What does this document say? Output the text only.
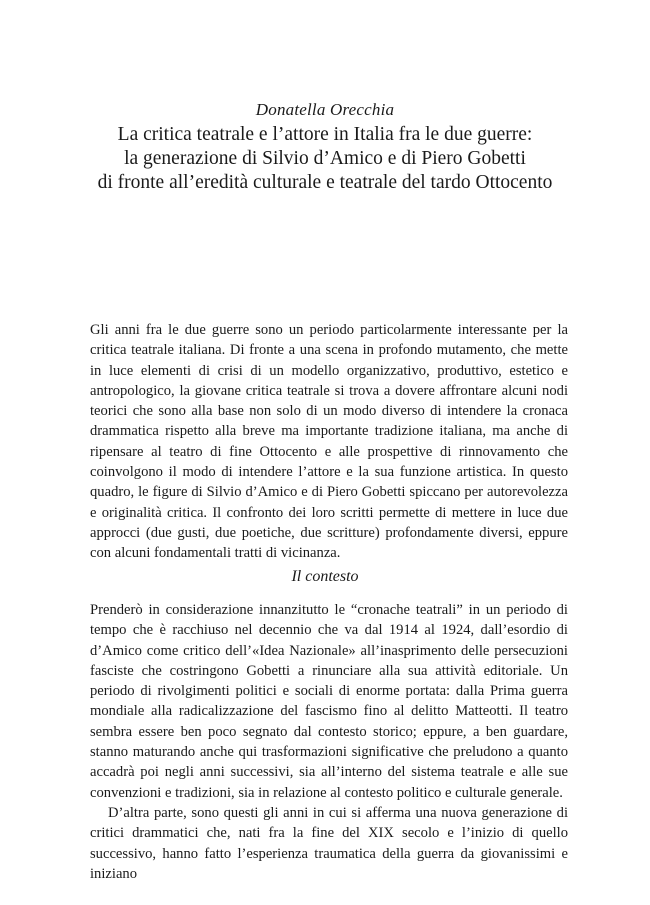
Donatella Orecchia
La critica teatrale e l’attore in Italia fra le due guerre:
la generazione di Silvio d’Amico e di Piero Gobetti
di fronte all’eredità culturale e teatrale del tardo Ottocento
Gli anni fra le due guerre sono un periodo particolarmente interessante per la critica teatrale italiana. Di fronte a una scena in profondo mutamento, che mette in luce elementi di crisi di un modello organizzativo, produttivo, estetico e antropologico, la giovane critica teatrale si trova a dovere affrontare alcuni nodi teorici che sono alla base non solo di un modo diverso di intendere la cronaca drammatica rispetto alla breve ma importante tradizione italiana, ma anche di ripensare al teatro di fine Ottocento e alle prospettive di rinnovamento che coinvolgono il modo di intendere l’attore e la sua funzione artistica. In questo quadro, le figure di Silvio d’Amico e di Piero Gobetti spiccano per autorevolezza e originalità critica. Il confronto dei loro scritti permette di mettere in luce due approcci (due gusti, due poetiche, due scritture) profondamente diversi, eppure con alcuni fondamentali tratti di vicinanza.
Il contesto

Prenderò in considerazione innanzitutto le “cronache teatrali” in un periodo di tempo che è racchiuso nel decennio che va dal 1914 al 1924, dall’esordio di d’Amico come critico dell’«Idea Nazionale» all’inasprimento delle persecuzioni fasciste che costringono Gobetti a rinunciare alla sua attività editoriale. Un periodo di rivolgimenti politici e sociali di enorme portata: dalla Prima guerra mondiale alla radicalizzazione del fascismo fino al delitto Matteotti. Il teatro sembra essere ben poco segnato dal contesto storico; eppure, a ben guardare, stanno maturando anche qui trasformazioni significative che preludono a quanto accadrà poi negli anni successivi, sia all’interno del sistema teatrale e alle sue convenzioni e tradizioni, sia in relazione al contesto politico e culturale generale.

D’altra parte, sono questi gli anni in cui si afferma una nuova generazione di critici drammatici che, nati fra la fine del XIX secolo e l’inizio di quello successivo, hanno fatto l’esperienza traumatica della guerra da giovanissimi e iniziano
